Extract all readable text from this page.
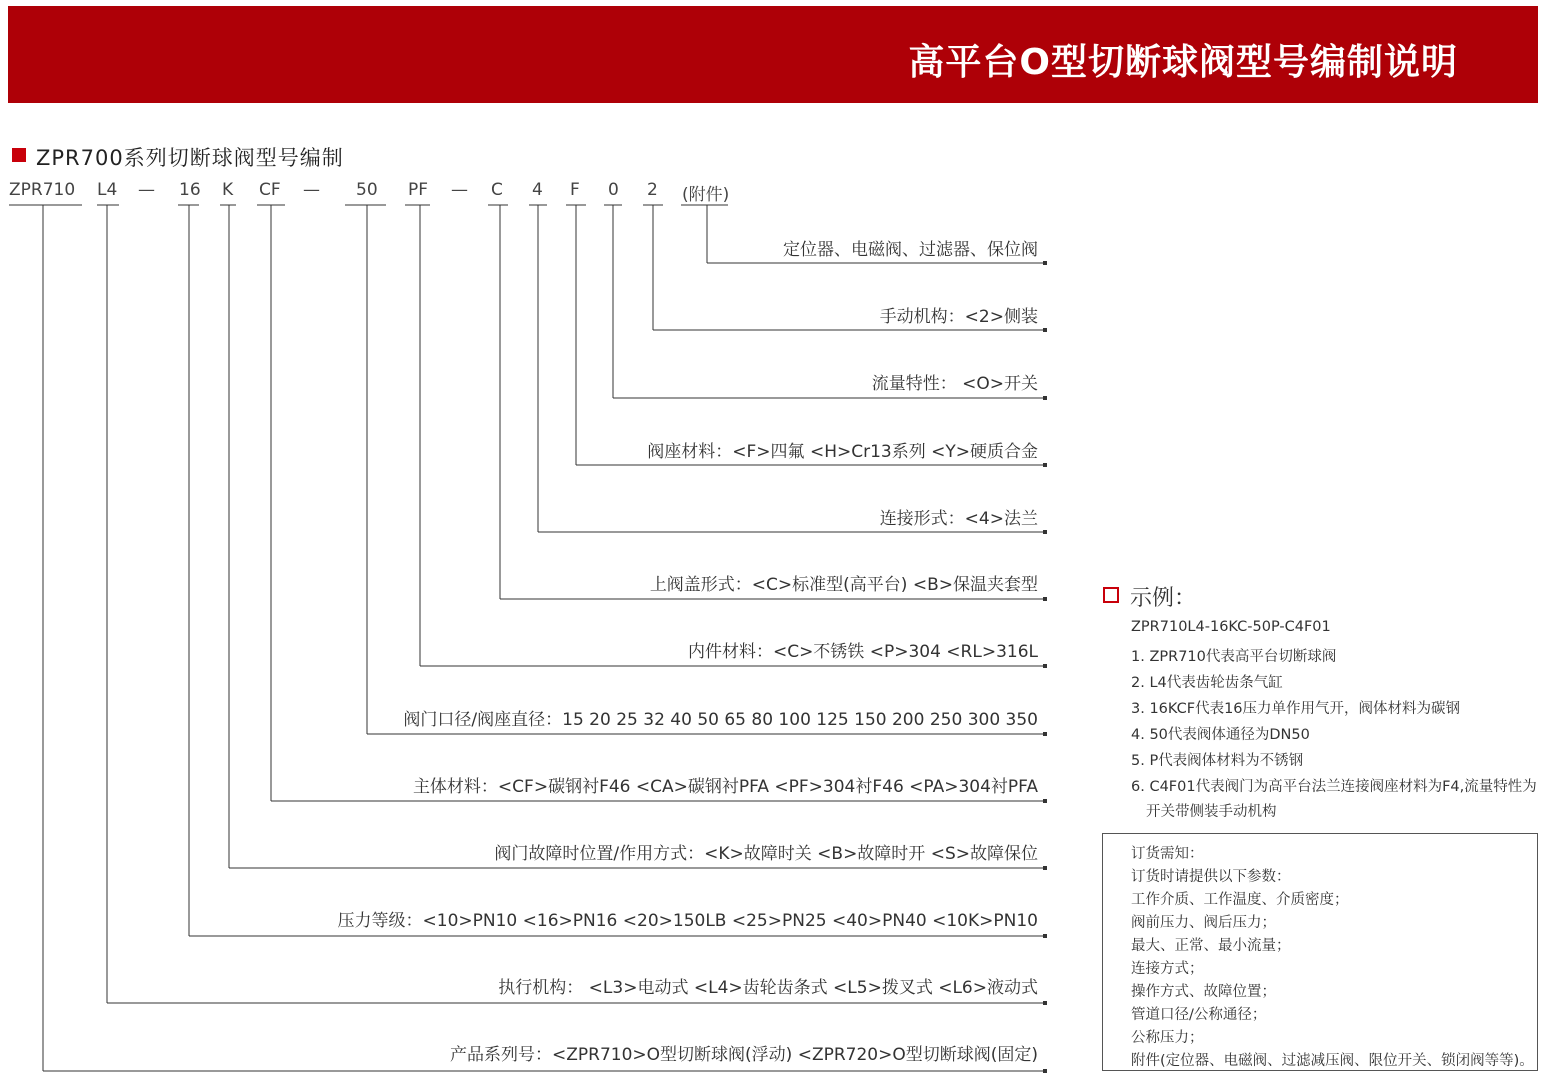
高平台O型切断球阀型号编制说明
ZPR700系列切断球阀型号编制
ZPR710 L4 — 16 K CF — 50 PF — C 4 F 0 2 (附件)
定位器、电磁阀、过滤器、保位阀
手动机构：<2>侧装
流量特性： <O>开关
阀座材料：<F>四氟 <H>Cr13系列 <Y>硬质合金
连接形式：<4>法兰
上阀盖形式：<C>标准型(高平台) <B>保温夹套型
内件材料：<C>不锈铁 <P>304 <RL>316L
阀门口径/阀座直径：15 20 25 32 40 50 65 80 100 125 150 200 250 300 350
主体材料：<CF>碳钢衬F46 <CA>碳钢衬PFA <PF>304衬F46 <PA>304衬PFA
阀门故障时位置/作用方式：<K>故障时关 <B>故障时开 <S>故障保位
压力等级：<10>PN10 <16>PN16 <20>150LB <25>PN25 <40>PN40 <10K>PN10
执行机构： <L3>电动式 <L4>齿轮齿条式 <L5>拨叉式 <L6>液动式
产品系列号：<ZPR710>O型切断球阀(浮动) <ZPR720>O型切断球阀(固定)
示例：
ZPR710L4-16KC-50P-C4F01
1. ZPR710代表高平台切断球阀
2. L4代表齿轮齿条气缸
3. 16KCF代表16压力单作用气开，阀体材料为碳钢
4. 50代表阀体通径为DN50
5. P代表阀体材料为不锈钢
6. C4F01代表阀门为高平台法兰连接阀座材料为F4,流量特性为
开关带侧装手动机构
订货需知：
订货时请提供以下参数：
工作介质、工作温度、介质密度；
阀前压力、阀后压力；
最大、正常、最小流量；
连接方式；
操作方式、故障位置；
管道口径/公称通径；
公称压力；
附件(定位器、电磁阀、过滤减压阀、限位开关、锁闭阀等等)。
